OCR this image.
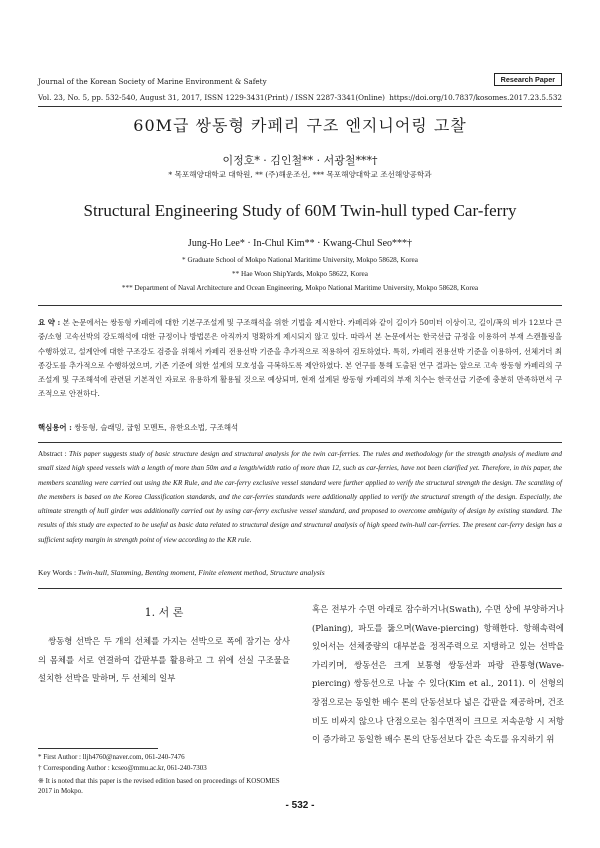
Journal of the Korean Society of Marine Environment & Safety	Research Paper
Vol. 23, No. 5, pp. 532-540, August 31, 2017, ISSN 1229-3431(Print) / ISSN 2287-3341(Online) https://doi.org/10.7837/kosomes.2017.23.5.532
60M급 쌍동형 카페리 구조 엔지니어링 고찰
이정호* · 김인철** · 서광철***†
* 목포해양대학교 대학원, ** (주)해운조선, *** 목포해양대학교 조선해양공학과
Structural Engineering Study of 60M Twin-hull typed Car-ferry
Jung-Ho Lee* · In-Chul Kim** · Kwang-Chul Seo***†
* Graduate School of Mokpo National Maritime University, Mokpo 58628, Korea
** Hae Woon ShipYards, Mokpo 58622, Korea
*** Department of Naval Architecture and Ocean Engineering, Mokpo National Maritime University, Mokpo 58628, Korea
요 약 : 본 논문에서는 쌍동형 카페리에 대한 기본구조설계 및 구조해석을 위한 기법을 제시한다. 카페리와 같이 길이가 50미터 이상이고, 길이/폭의 비가 12보다 큰 중/소형 고속선박의 강도해석에 대한 규정이나 방법론은 아직까지 명확하게 제시되지 않고 있다. 따라서 본 논문에서는 한국선급 규정을 이용하여 부재 스캔틀링을 수행하였고, 설계안에 대한 구조강도 검증을 위해서 카페리 전용선박 기준을 추가적으로 적용하여 검토하였다. 특히, 카페리 전용선박 기준을 이용하여, 선체거더 최종강도를 추가적으로 수행하였으며, 기존 기준에 의한 설계의 모호성을 극복하도록 제안하였다. 본 연구를 통해 도출된 연구 결과는 앞으로 고속 쌍동형 카페리의 구조설계 및 구조해석에 관련된 기본적인 자료로 유용하게 활용될 것으로 예상되며, 현재 설계된 쌍동형 카페리의 부재 치수는 한국선급 기준에 충분히 만족하면서 구조적으로 안전하다.
핵심용어 : 쌍동형, 슬래밍, 굽힘 모멘트, 유한요소법, 구조해석
Abstract : This paper suggests study of basic structure design and structural analysis for the twin car-ferries. The rules and methodology for the strength analysis of medium and small sized high speed vessels with a length of more than 50m and a length/width ratio of more than 12, such as car-ferries, have not been clarified yet. Therefore, in this paper, the members scantling were carried out using the KR Rule, and the car-ferry exclusive vessel standard were further applied to verify the structural strength the design. The scantling of the members is based on the Korea Classification standards, and the car-ferries standards were additionally applied to verify the structural strength of the design. Especially, the ultimate strength of hull girder was additionally carried out by using car-ferry exclusive vessel standard, and proposed to overcome ambiguity of design by existing standard. The results of this study are expected to be useful as basic data related to structural design and structural analysis of high speed twin-hull car-ferries. The present car-ferry design has a sufficient safety margin in strength point of view according to the KR rule.
Key Words : Twin-hull, Slamming, Benting moment, Finite element method, Structure analysis
1. 서 론
쌍동형 선박은 두 개의 선체를 가지는 선박으로 폭에 잠기는 상사의 몸체를 서로 연결하여 갑판부를 활용하고 그 위에 선실 구조물을 설치한 선박을 말하며, 두 선체의 일부
혹은 전부가 수면 아래로 잠수하거나(Swath), 수면 상에 부양하거나(Planing), 파도를 뚫으며(Wave-piercing) 항해한다. 항해속력에 있어서는 선체중량의 대부분을 정적주력으로 지탱하고 있는 선박을 가리키며, 쌍동선은 크게 보통형 쌍동선과 파랑 관통형(Wave-piercing) 쌍동선으로 나눌 수 있다(Kim et al., 2011). 이 선형의 장점으로는 동일한 배수 톤의 단동선보다 넓은 갑판을 제공하며, 건조비도 비싸지 않으나 단점으로는 침수면적이 크므로 저속운항 시 저항이 증가하고 동일한 배수 톤의 단동선보다 같은 속도를 유지하기 위
* First Author : lljh4760@naver.com, 061-240-7476
† Corresponding Author : kcseo@mmu.ac.kr, 061-240-7303
※ It is noted that this paper is the revised edition based on proceedings of KOSOMES 2017 in Mokpo.
- 532 -
